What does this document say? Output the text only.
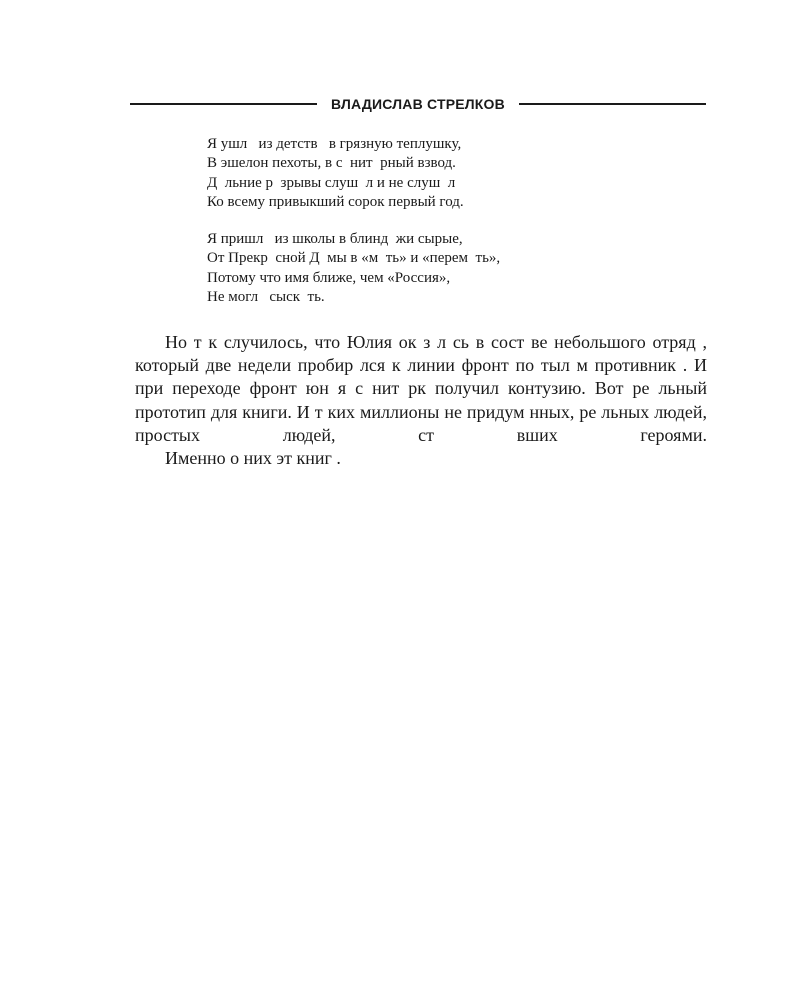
ВЛАДИСЛАВ СТРЕЛКОВ
Я ушл   из детств   в грязную теплушку,
В эшелон пехоты, в с  нит  рный взвод.
Д  льние р  зрывы слуш  л и не слуш  л
Ко всему привыкший сорок первый год.
Я пришл   из школы в блинд  жи сырые,
От Прекр  сной Д  мы в «м  ть» и «перем  ть»,
Потому что имя ближе, чем «Россия»,
Не могл   сыск  ть.

Но т к случилось, что Юлия ок з л сь в сост ве небольшого отряд , который две недели пробир лся к линии фронт по тыл м противник . И при переходе фронт юн я с нит рк получил контузию. Вот ре льный прототип для книги. И т ких миллионы не придум нных, ре льных людей, простых людей, ст вших героями.

Именно о них эт книг .
